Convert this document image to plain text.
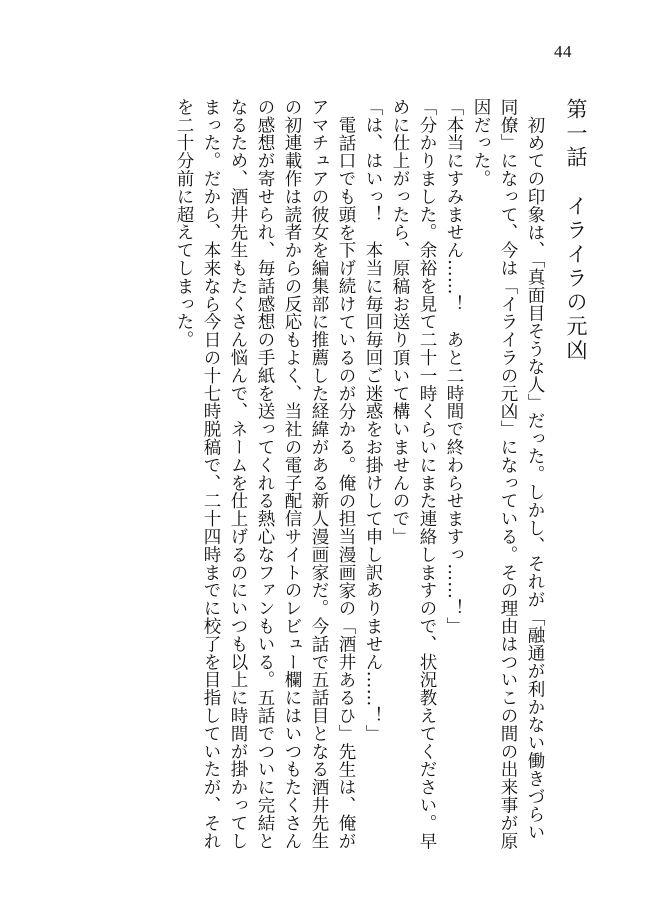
44
第一話イライラの元凶

初めての印象は、「真面目そうな人」だった。しかし、それが「融通が利かない働きづらい同僚」になって、今は「イライラの元凶」になっている。その理由はついこの間の出来事が原因だった。

「本当にすみません……！　あと二時間で終わらせますっ……！」

「分かりました。余裕を見て二十一時くらいにまた連絡しますので、状況教えてください。早めに仕上がったら、原稿お送り頂いて構いませんので」

「は、はいっ！　本当に毎回毎回ご迷惑をお掛けして申し訳ありません……！」

電話口でも頭を下げ続けているのが分かる。俺の担当漫画家の「酒井あるひ」先生は、俺がアマチュアの彼女を編集部に推薦した経緯がある新人漫画家だ。今話で五話目となる酒井先生の初連載作は読者からの反応もよく、当社の電子配信サイトのレビュー欄にはいつもたくさんの感想が寄せられ、毎話感想の手紙を送ってくれる熱心なファンもいる。五話でついに完結となるため、酒井先生もたくさん悩んで、ネームを仕上げるのにいつも以上に時間が掛かってしまった。だから、本来なら今日の十七時脱稿で、二十四時までに校了を目指していたが、それを二十分前に超えてしまった。
